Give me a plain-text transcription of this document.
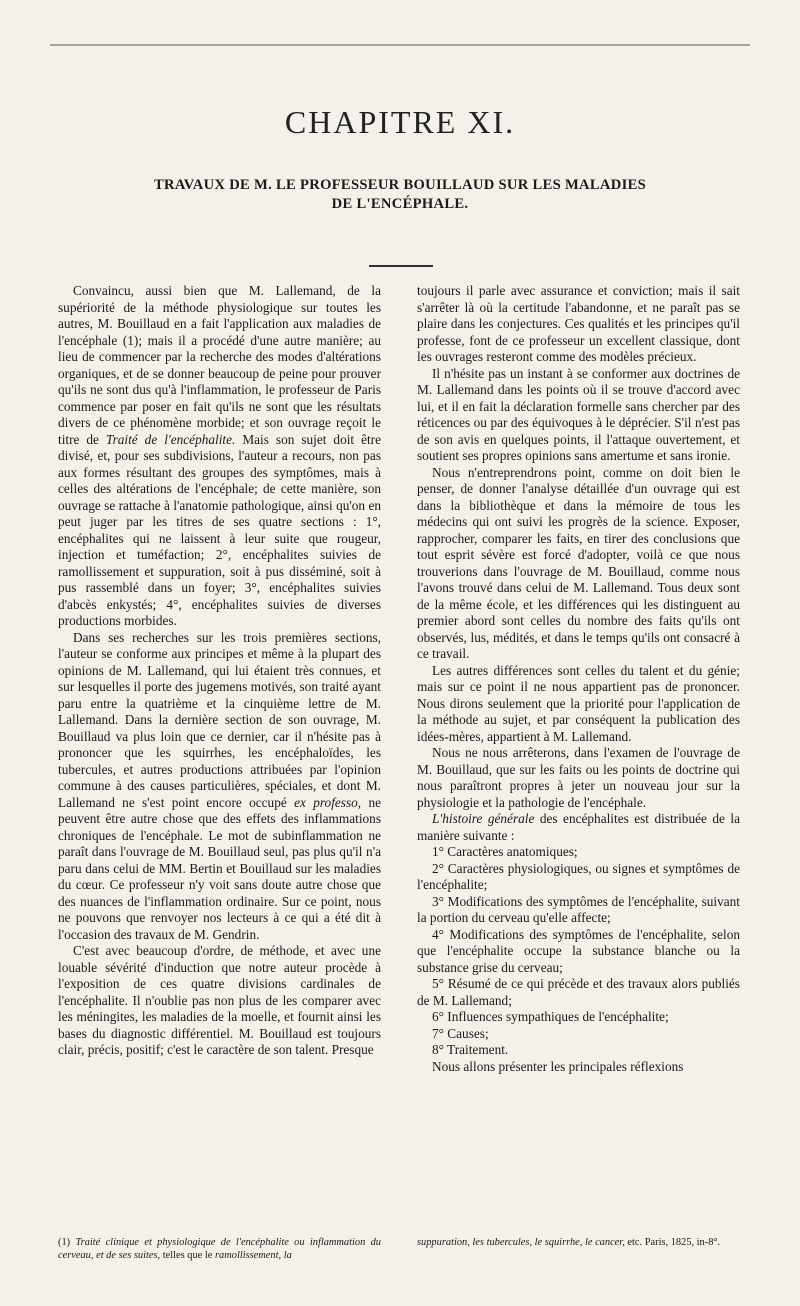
CHAPITRE XI.
TRAVAUX DE M. LE PROFESSEUR BOUILLAUD SUR LES MALADIES
DE L'ENCÉPHALE.

Convaincu, aussi bien que M. Lallemand, de la supériorité de la méthode physiologique sur toutes les autres, M. Bouillaud en a fait l'application aux maladies de l'encéphale (1); mais il a procédé d'une autre manière; au lieu de commencer par la recherche des modes d'altérations organiques, et de se donner beaucoup de peine pour prouver qu'ils ne sont dus qu'à l'inflammation, le professeur de Paris commence par poser en fait qu'ils ne sont que les résultats divers de ce phénomène morbide; et son ouvrage reçoit le titre de Traité de l'encéphalite. Mais son sujet doit être divisé, et, pour ses subdivisions, l'auteur a recours, non pas aux formes résultant des groupes des symptômes, mais à celles des altérations de l'encéphale; de cette manière, son ouvrage se rattache à l'anatomie pathologique, ainsi qu'on en peut juger par les titres de ses quatre sections : 1°, encéphalites qui ne laissent à leur suite que rougeur, injection et tuméfaction; 2°, encéphalites suivies de ramollissement et suppuration, soit à pus disséminé, soit à pus rassemblé dans un foyer; 3°, encéphalites suivies d'abcès enkystés; 4°, encéphalites suivies de diverses productions morbides.

Dans ses recherches sur les trois premières sections, l'auteur se conforme aux principes et même à la plupart des opinions de M. Lallemand, qui lui étaient très connues, et sur lesquelles il porte des jugemens motivés, son traité ayant paru entre la quatrième et la cinquième lettre de M. Lallemand. Dans la dernière section de son ouvrage, M. Bouillaud va plus loin que ce dernier, car il n'hésite pas à prononcer que les squirrhes, les encéphaloïdes, les tubercules, et autres productions attribuées par l'opinion commune à des causes particulières, spéciales, et dont M. Lallemand ne s'est point encore occupé ex professo, ne peuvent être autre chose que des effets des inflammations chroniques de l'encéphale. Le mot de subinflammation ne paraît dans l'ouvrage de M. Bouillaud seul, pas plus qu'il n'a paru dans celui de MM. Bertin et Bouillaud sur les maladies du cœur. Ce professeur n'y voit sans doute autre chose que des nuances de l'inflammation ordinaire. Sur ce point, nous ne pouvons que renvoyer nos lecteurs à ce qui a été dit à l'occasion des travaux de M. Gendrin.

C'est avec beaucoup d'ordre, de méthode, et avec une louable sévérité d'induction que notre auteur procède à l'exposition de ces quatre divisions cardinales de l'encéphalite. Il n'oublie pas non plus de les comparer avec les méningites, les maladies de la moelle, et fournit ainsi les bases du diagnostic différentiel. M. Bouillaud est toujours clair, précis, positif; c'est le caractère de son talent. Presque

toujours il parle avec assurance et conviction; mais il sait s'arrêter là où la certitude l'abandonne, et ne paraît pas se plaire dans les conjectures. Ces qualités et les principes qu'il professe, font de ce professeur un excellent classique, dont les ouvrages resteront comme des modèles précieux.

Il n'hésite pas un instant à se conformer aux doctrines de M. Lallemand dans les points où il se trouve d'accord avec lui, et il en fait la déclaration formelle sans chercher par des réticences ou par des équivoques à le déprécier. S'il n'est pas de son avis en quelques points, il l'attaque ouvertement, et soutient ses propres opinions sans amertume et sans ironie.

Nous n'entreprendrons point, comme on doit bien le penser, de donner l'analyse détaillée d'un ouvrage qui est dans la bibliothèque et dans la mémoire de tous les médecins qui ont suivi les progrès de la science. Exposer, rapprocher, comparer les faits, en tirer des conclusions que tout esprit sévère est forcé d'adopter, voilà ce que nous trouverions dans l'ouvrage de M. Bouillaud, comme nous l'avons trouvé dans celui de M. Lallemand. Tous deux sont de la même école, et les différences qui les distinguent au premier abord sont celles du nombre des faits qu'ils ont observés, lus, médités, et dans le temps qu'ils ont consacré à ce travail.

Les autres différences sont celles du talent et du génie; mais sur ce point il ne nous appartient pas de prononcer. Nous dirons seulement que la priorité pour l'application de la méthode au sujet, et par conséquent la publication des idées-mères, appartient à M. Lallemand.

Nous ne nous arrêterons, dans l'examen de l'ouvrage de M. Bouillaud, que sur les faits ou les points de doctrine qui nous paraîtront propres à jeter un nouveau jour sur la physiologie et la pathologie de l'encéphale.

L'histoire générale des encéphalites est distribuée de la manière suivante :

1° Caractères anatomiques;

2° Caractères physiologiques, ou signes et symptômes de l'encéphalite;

3° Modifications des symptômes de l'encéphalite, suivant la portion du cerveau qu'elle affecte;

4° Modifications des symptômes de l'encéphalite, selon que l'encéphalite occupe la substance blanche ou la substance grise du cerveau;

5° Résumé de ce qui précède et des travaux alors publiés de M. Lallemand;

6° Influences sympathiques de l'encéphalite;

7° Causes;

8° Traitement.

Nous allons présenter les principales réflexions

(1) Traité clinique et physiologique de l'encéphalite ou inflammation du cerveau, et de ses suites, telles que le ramollissement, la
suppuration, les tubercules, le squirrhe, le cancer, etc. Paris, 1825, in-8°.
